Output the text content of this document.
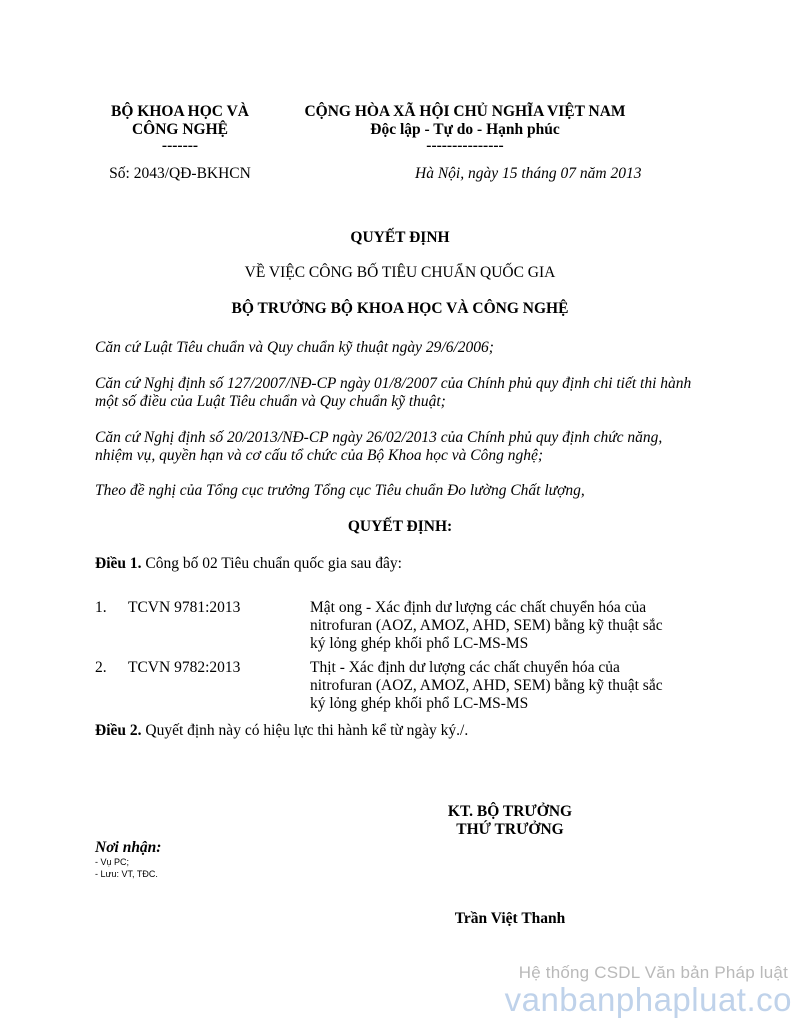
BỘ KHOA HỌC VÀ
CÔNG NGHỆ
-------
CỘNG HÒA XÃ HỘI CHỦ NGHĨA VIỆT NAM
Độc lập - Tự do - Hạnh phúc
---------------
Số: 2043/QĐ-BKHCN	Hà Nội, ngày 15 tháng 07 năm 2013
QUYẾT ĐỊNH
VỀ VIỆC CÔNG BỐ TIÊU CHUẨN QUỐC GIA
BỘ TRƯỞNG BỘ KHOA HỌC VÀ CÔNG NGHỆ
Căn cứ Luật Tiêu chuẩn và Quy chuẩn kỹ thuật ngày 29/6/2006;
Căn cứ Nghị định số 127/2007/NĐ-CP ngày 01/8/2007 của Chính phủ quy định chi tiết thi hành
một số điều của Luật Tiêu chuẩn và Quy chuẩn kỹ thuật;
Căn cứ Nghị định số 20/2013/NĐ-CP ngày 26/02/2013 của Chính phủ quy định chức năng,
nhiệm vụ, quyền hạn và cơ cấu tổ chức của Bộ Khoa học và Công nghệ;
Theo đề nghị của Tổng cục trưởng Tổng cục Tiêu chuẩn Đo lường Chất lượng,
QUYẾT ĐỊNH:
Điều 1. Công bố 02 Tiêu chuẩn quốc gia sau đây:
1. TCVN 9781:2013	Mật ong - Xác định dư lượng các chất chuyển hóa của
nitrofuran (AOZ, AMOZ, AHD, SEM) bằng kỹ thuật sắc
ký lỏng ghép khối phổ LC-MS-MS
2. TCVN 9782:2013	Thịt - Xác định dư lượng các chất chuyển hóa của
nitrofuran (AOZ, AMOZ, AHD, SEM) bằng kỹ thuật sắc
ký lỏng ghép khối phổ LC-MS-MS
Điều 2. Quyết định này có hiệu lực thi hành kể từ ngày ký./.
KT. BỘ TRƯỞNG
THỨ TRƯỞNG
Trần Việt Thanh
Nơi nhận:
- Vụ PC;
- Lưu: VT, TĐC.
Hệ thống CSDL Văn bản Pháp luật
vanbanphapluat.co
